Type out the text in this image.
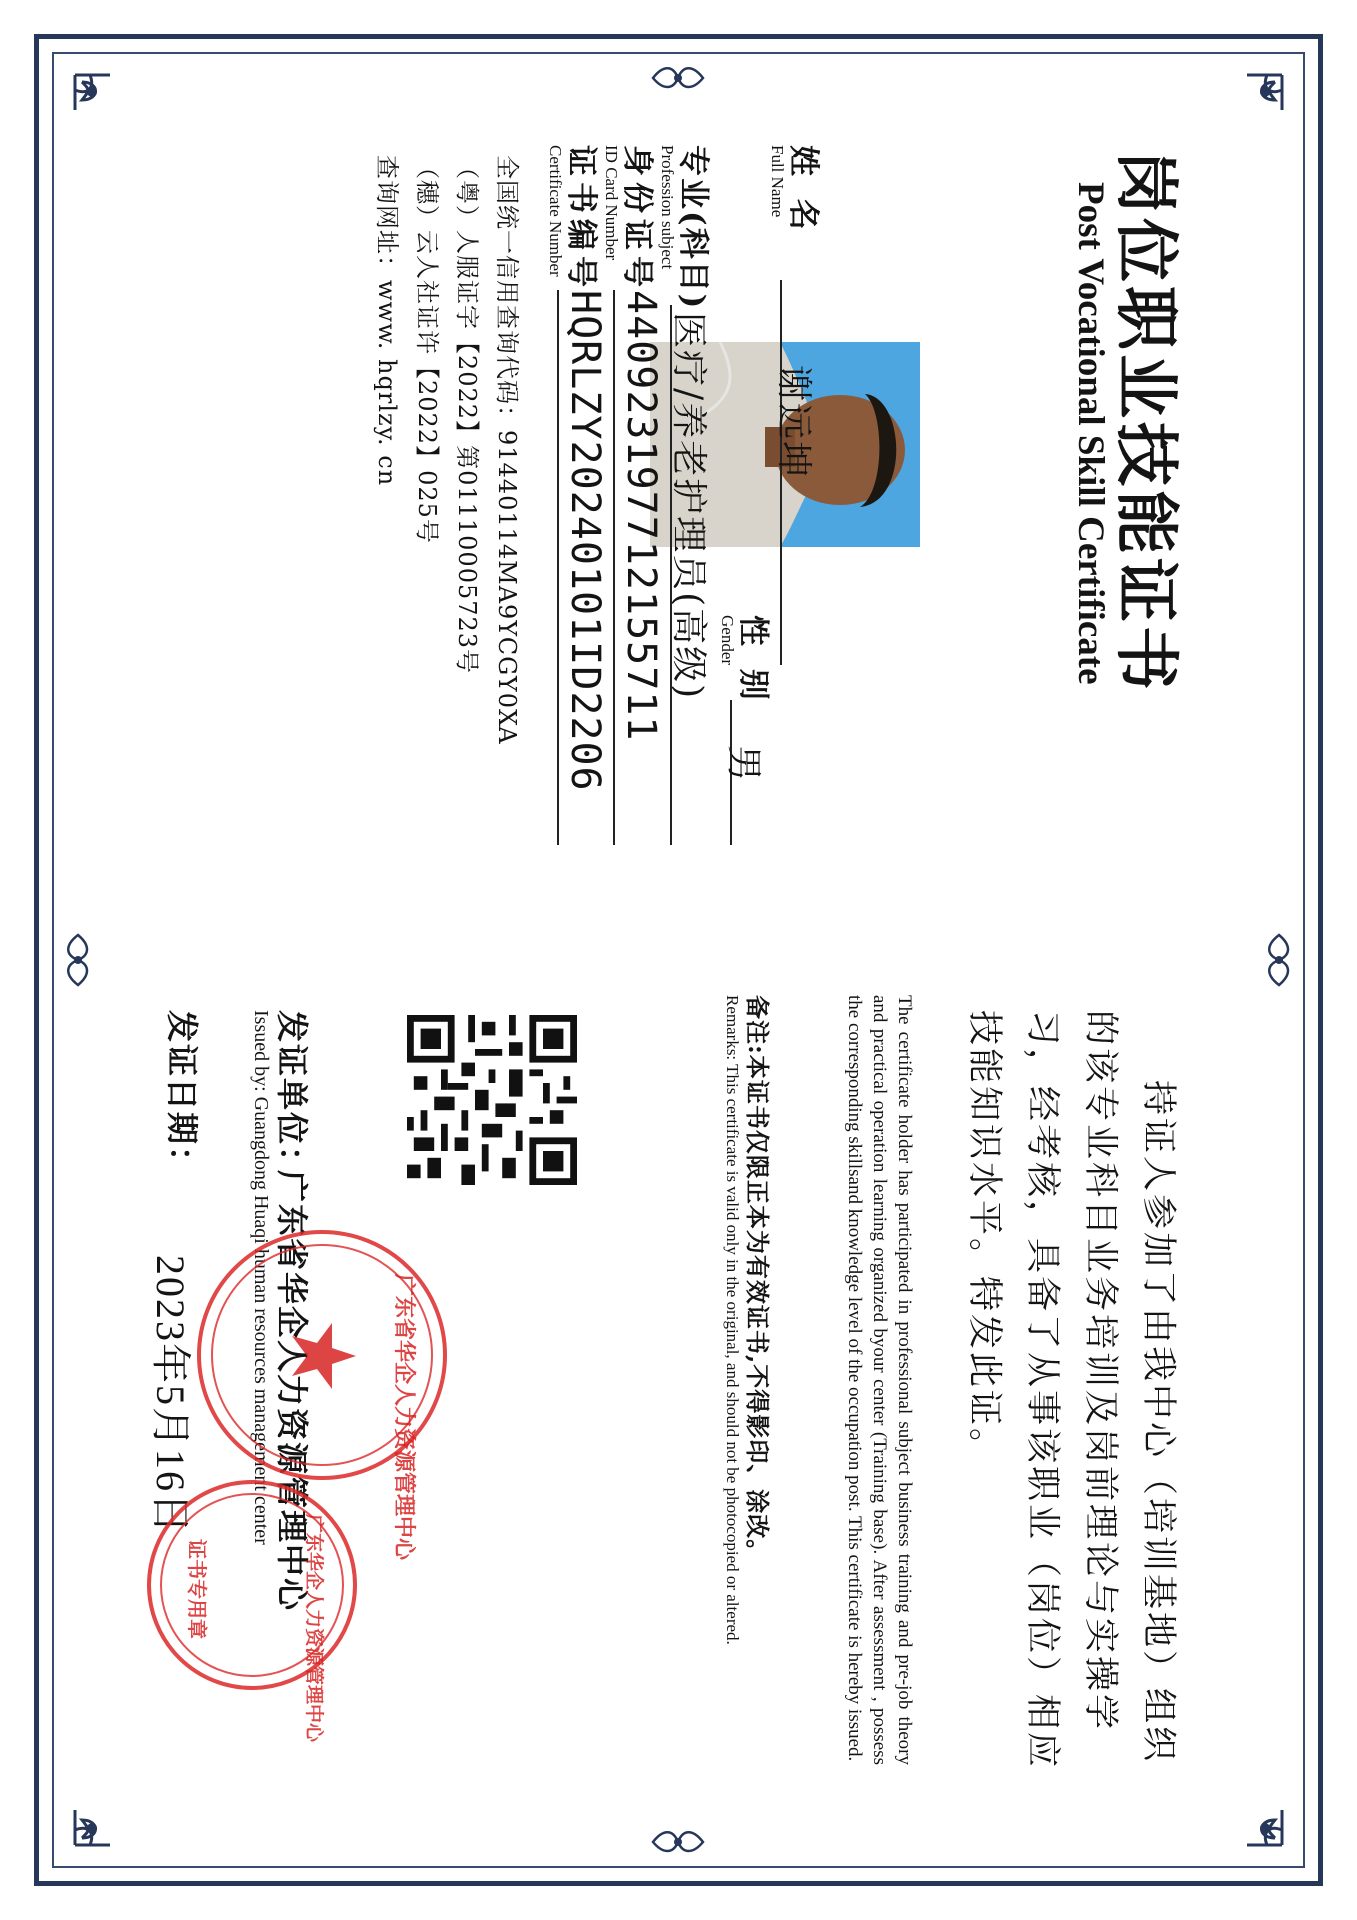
岗位职业技能证书
Post Vocational Skill Certificate
姓 名
Full Name
谢远坤
性 别
Gender
男
专业(科目)
Profession subject
医疗/养老护理员(高级)
身份证号
ID Card Number
440923197712155711
证书编号
Certificate Number
HQRLZY20240101ID2206
全国统一信用查询代码：91440114MA9YCGY0XA
（粤）人服证字【2022】第01110005723号
（穗）云人社证许【2022】025号
查询网址：www. hqrlzy. cn
持证人参加了由我中心（培训基地）组织的该专业科目业务培训及岗前理论与实操学习，经考核，具备了从事该职业（岗位）相应技能知识水平。特发此证。
The certificate holder has participated in professional subject business training and pre-job theory and practical operation learning organized byour center (Training base). After assessment , possess the corresponding skillsand knowledge level of the occupation post. This certificate is hereby issued.
备注:本证书仅限正本为有效证书,不得影印、涂改。
Remarks: This certificate is valid only in the original, and should not be photocopied or altered.
发证单位：
广东省华企人力资源管理中心
Issued by: Guangdong Huaqi human resources management center
发证日期：
2023年5月16日	广东省华企人力资源管理中心
广东华企人力资源管理中心
证书专用章
